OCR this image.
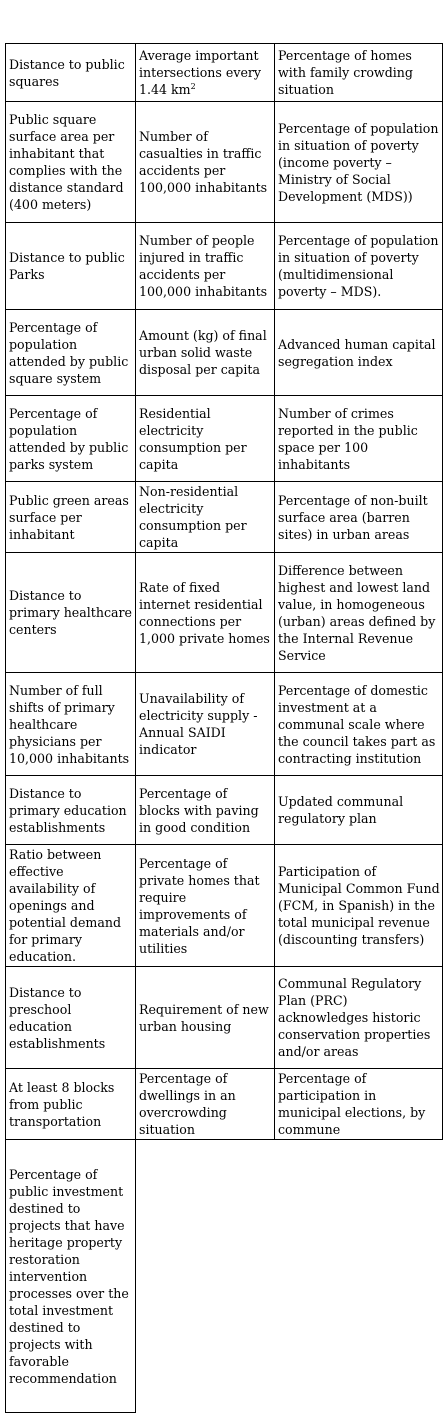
Distance to public squares	Average important intersections every 1.44 $km^2$	Percentage of homes with family crowding situation
Public square surface area per inhabitant that complies with the distance standard (400 meters)	Number of casualties in traffic accidents per 100,000 inhabitants	Percentage of population in situation of poverty (income poverty –Ministry of Social Development (MDS))
Distance to public Parks	Number of people injured in traffic accidents per 100,000 inhabitants	Percentage of population in situation of poverty (multidimensional poverty – MDS).
Percentage of population attended by public square system	Amount (kg) of final urban solid waste disposal per capita	Advanced human capital segregation index
Percentage of population attended by public parks system	Residential electricity consumption per capita	Number of crimes reported in the public space per 100 inhabitants
Public green areas surface per inhabitant	Non-residential electricity consumption per capita	Percentage of non-built surface area (barren sites) in urban areas
Distance to primary healthcare centers	Rate of fixed internet residential connections per 1,000 private homes	Difference between highest and lowest land value, in homogeneous (urban) areas defined by the Internal Revenue Service
Number of full shifts of primary healthcare physicians per 10,000 inhabitants	Unavailability of electricity supply - Annual SAIDI indicator	Percentage of domestic investment at a communal scale where the council takes part as contracting institution
Distance to primary education establishments	Percentage of blocks with paving in good condition	Updated communal regulatory plan
Ratio between effective availability of openings and potential demand for primary education.	Percentage of private homes that require improvements of materials and/or utilities	Participation of Municipal Common Fund (FCM, in Spanish) in the total municipal revenue (discounting transfers)
Distance to preschool education establishments	Requirement of new urban housing	Communal Regulatory Plan (PRC) acknowledges historic conservation properties and/or areas
At least 8 blocks from public transportation	Percentage of dwellings in an overcrowding situation	Percentage of participation in municipal elections, by commune
Percentage of public investment destined to projects that have heritage property restoration intervention processes over the total investment destined to projects with favorable recommendation		
